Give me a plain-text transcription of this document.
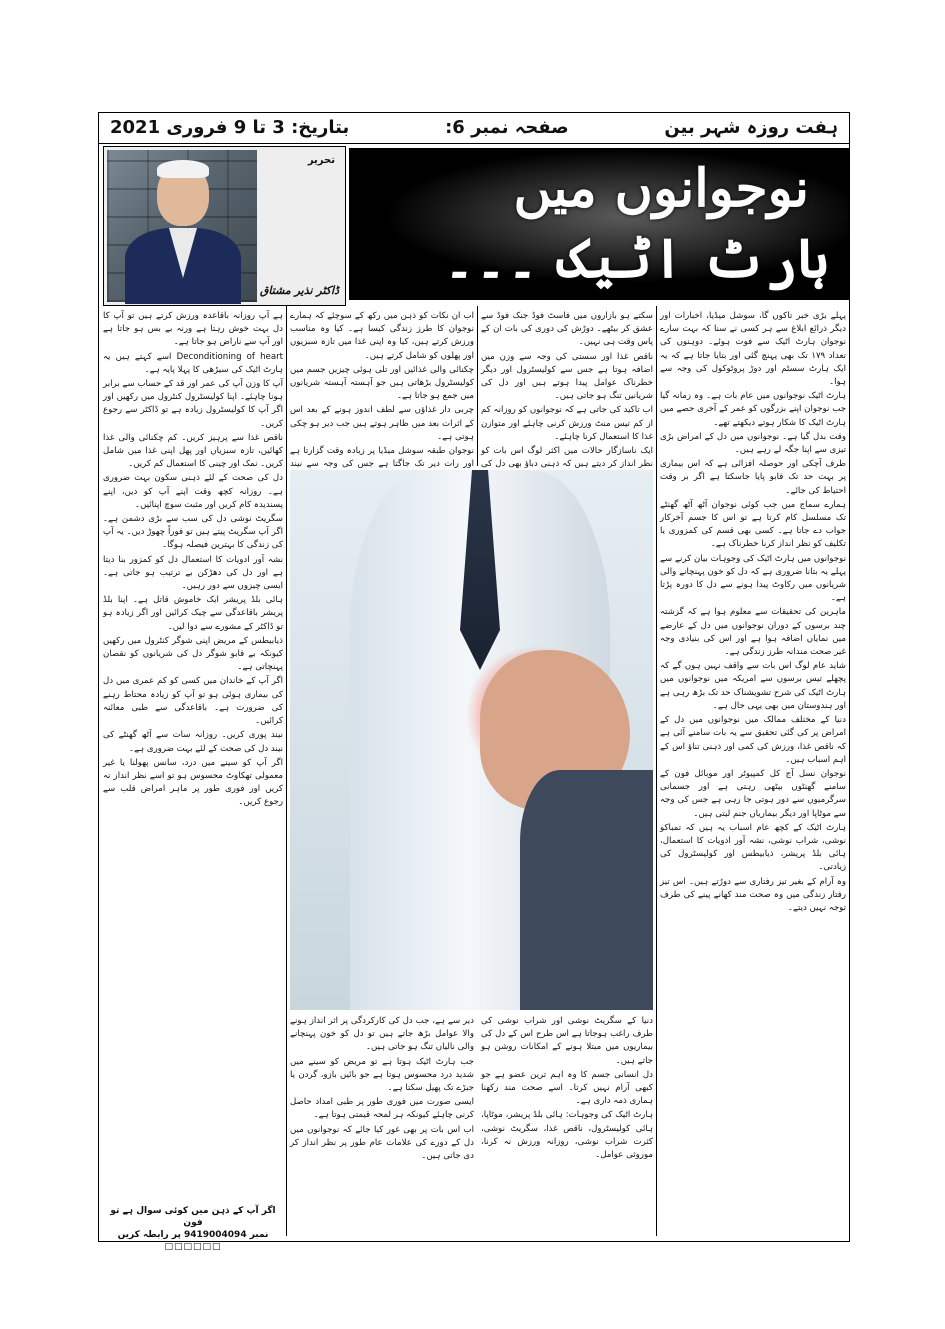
ہفت روزہ شہر بین
صفحہ نمبر 6:
بتاریخ: 3 تا 9 فروری 2021
نوجوانوں میں
ہارٹ اٹیک ۔۔۔
تحریر
ڈاکٹر نذیر مشتاق

پہلے بڑی خبر تاکوں گا، سوشل میڈیا، اخبارات اور دیگر ذرائع ابلاغ سے ہر کسی نے سنا کہ بہت سارے نوجوان ہارٹ اٹیک سے فوت ہوئے۔ دوہنوں کی تعداد ۱۷۹ تک بھی پہنچ گئی اور بتایا جاتا ہے کہ یہ ایک ہارٹ سسٹم اور دوڑ پروٹوکول کی وجہ سے ہوا۔

ہارٹ اٹیک نوجوانوں میں عام بات ہے۔ وہ زمانہ گیا جب نوجوان اپنے بزرگوں کو عمر کے آخری حصے میں ہارٹ اٹیک کا شکار ہوتے دیکھتے تھے۔

وقت بدل گیا ہے۔ نوجوانوں میں دل کے امراض بڑی تیزی سے اپنا جگہ لے رہے ہیں۔

طرف آچکی اور حوصلہ افزائی ہے کہ اس بیماری پر بہت حد تک قابو پایا جاسکتا ہے اگر بر وقت احتیاط کی جائے۔

ہمارے سماج میں جب کوئی نوجوان آٹھ آٹھ گھنٹے تک مسلسل کام کرتا ہے تو اس کا جسم آخرکار جواب دے جاتا ہے۔ کسی بھی قسم کی کمزوری یا تکلیف کو نظر انداز کرنا خطرناک ہے۔

نوجوانوں میں ہارٹ اٹیک کی وجوہات بیان کرنے سے پہلے یہ بتانا ضروری ہے کہ دل کو خون پہنچانے والی شریانوں میں رکاوٹ پیدا ہونے سے دل کا دورہ پڑتا ہے۔

ماہرین کی تحقیقات سے معلوم ہوا ہے کہ گزشتہ چند برسوں کے دوران نوجوانوں میں دل کے عارضے میں نمایاں اضافہ ہوا ہے اور اس کی بنیادی وجہ غیر صحت مندانہ طرز زندگی ہے۔

شاید عام لوگ اس بات سے واقف نہیں ہوں گے کہ پچھلے تیس برسوں سے امریکہ میں نوجوانوں میں ہارٹ اٹیک کی شرح تشویشناک حد تک بڑھ رہی ہے اور ہندوستان میں بھی یہی حال ہے۔

دنیا کے مختلف ممالک میں نوجوانوں میں دل کے امراض پر کی گئی تحقیق سے یہ بات سامنے آئی ہے کہ ناقص غذا، ورزش کی کمی اور ذہنی تناؤ اس کے اہم اسباب ہیں۔

نوجوان نسل آج کل کمپیوٹر اور موبائل فون کے سامنے گھنٹوں بیٹھی رہتی ہے اور جسمانی سرگرمیوں سے دور ہوتی جا رہی ہے جس کی وجہ سے موٹاپا اور دیگر بیماریاں جنم لیتی ہیں۔

ہارٹ اٹیک کے کچھ عام اسباب یہ ہیں کہ تمباکو نوشی، شراب نوشی، نشہ آور ادویات کا استعمال، ہائی بلڈ پریشر، ذیابیطس اور کولیسٹرول کی زیادتی۔

وہ آرام کے بغیر تیز رفتاری سے دوڑتے ہیں۔ اس تیز رفتار زندگی میں وہ صحت مند کھانے پینے کی طرف توجہ نہیں دیتے۔

سکتے ہو بازاروں میں فاسٹ فوڈ جنک فوڈ سے عشق کر بیٹھے۔ دوڑش کی دوری کی بات ان کے پاس وقت ہی نہیں۔

ناقص غذا اور سستی کی وجہ سے وزن میں اضافہ ہوتا ہے جس سے کولیسٹرول اور دیگر خطرناک عوامل پیدا ہوتے ہیں اور دل کی شریانیں تنگ ہو جاتی ہیں۔

اب تاکید کی جاتی ہے کہ نوجوانوں کو روزانہ کم از کم تیس منٹ ورزش کرنی چاہئے اور متوازن غذا کا استعمال کرنا چاہئے۔

ایک ناسازگار حالات میں اکثر لوگ اس بات کو نظر انداز کر دیتے ہیں کہ ذہنی دباؤ بھی دل کی

اب ان نکات کو ذہن میں رکھ کے سوچئے کہ ہمارے نوجوان کا طرز زندگی کیسا ہے۔ کیا وہ مناسب ورزش کرتے ہیں، کیا وہ اپنی غذا میں تازہ سبزیوں اور پھلوں کو شامل کرتے ہیں۔

چکنائی والی غذائیں اور تلی ہوئی چیزیں جسم میں کولیسٹرول بڑھاتی ہیں جو آہستہ آہستہ شریانوں میں جمع ہو جاتا ہے۔

چربی دار غذاؤں سے لطف اندوز ہونے کے بعد اس کے اثرات بعد میں ظاہر ہوتے ہیں جب دیر ہو چکی ہوتی ہے۔

نوجوان طبقہ سوشل میڈیا پر زیادہ وقت گزارتا ہے اور رات دیر تک جاگتا ہے جس کی وجہ سے نیند

دنیا کے سگریٹ نوشی اور شراب نوشی کی طرف راغب ہوجاتا ہے اس طرح اس کے دل کی بیماریوں میں مبتلا ہونے کے امکانات روشن ہو جاتے ہیں۔

دل انسانی جسم کا وہ اہم ترین عضو ہے جو کبھی آرام نہیں کرتا۔ اسے صحت مند رکھنا ہماری ذمہ داری ہے۔

ہارٹ اٹیک کی وجوہات: ہائی بلڈ پریشر، موٹاپا، ہائی کولیسٹرول، ناقص غذا، سگریٹ نوشی، کثرت شراب نوشی، روزانہ ورزش نہ کرنا، موروثی عوامل۔

دیر سے ہے، جب دل کی کارکردگی پر اثر انداز ہونے والا عوامل بڑھ جاتے ہیں تو دل کو خون پہنچانے والی نالیاں تنگ ہو جاتی ہیں۔

جب ہارٹ اٹیک ہوتا ہے تو مریض کو سینے میں شدید درد محسوس ہوتا ہے جو بائیں بازو، گردن یا جبڑے تک پھیل سکتا ہے۔

ایسی صورت میں فوری طور پر طبی امداد حاصل کرنی چاہئے کیونکہ ہر لمحہ قیمتی ہوتا ہے۔

اب اس بات پر بھی غور کیا جائے کہ نوجوانوں میں دل کے دورے کی علامات عام طور پر نظر انداز کر دی جاتی ہیں۔

ہے آپ روزانہ باقاعدہ ورزش کرتے ہیں تو آپ کا دل بہت خوش رہتا ہے ورنہ بے بس ہو جاتا ہے اور آپ سے ناراض ہو جاتا ہے۔

Deconditioning of heart اسے کہتے ہیں یہ ہارٹ اٹیک کی سیڑھی کا پہلا پایہ ہے۔

آپ کا وزن آپ کی عمر اور قد کے حساب سے برابر ہونا چاہئے۔ اپنا کولیسٹرول کنٹرول میں رکھیں اور اگر آپ کا کولیسٹرول زیادہ ہے تو ڈاکٹر سے رجوع کریں۔

ناقص غذا سے پرہیز کریں۔ کم چکنائی والی غذا کھائیں، تازہ سبزیاں اور پھل اپنی غذا میں شامل کریں۔ نمک اور چینی کا استعمال کم کریں۔

دل کی صحت کے لئے ذہنی سکون بہت ضروری ہے۔ روزانہ کچھ وقت اپنے آپ کو دیں، اپنے پسندیدہ کام کریں اور مثبت سوچ اپنائیں۔

سگریٹ نوشی دل کی سب سے بڑی دشمن ہے۔ اگر آپ سگریٹ پیتے ہیں تو فوراً چھوڑ دیں۔ یہ آپ کی زندگی کا بہترین فیصلہ ہوگا۔

نشہ آور ادویات کا استعمال دل کو کمزور بنا دیتا ہے اور دل کی دھڑکن بے ترتیب ہو جاتی ہے۔ ایسی چیزوں سے دور رہیں۔

ہائی بلڈ پریشر ایک خاموش قاتل ہے۔ اپنا بلڈ پریشر باقاعدگی سے چیک کرائیں اور اگر زیادہ ہو تو ڈاکٹر کے مشورے سے دوا لیں۔

ذیابیطس کے مریض اپنی شوگر کنٹرول میں رکھیں کیونکہ بے قابو شوگر دل کی شریانوں کو نقصان پہنچاتی ہے۔

اگر آپ کے خاندان میں کسی کو کم عمری میں دل کی بیماری ہوئی ہو تو آپ کو زیادہ محتاط رہنے کی ضرورت ہے۔ باقاعدگی سے طبی معائنہ کرائیں۔

نیند پوری کریں۔ روزانہ سات سے آٹھ گھنٹے کی نیند دل کی صحت کے لئے بہت ضروری ہے۔

اگر آپ کو سینے میں درد، سانس پھولنا یا غیر معمولی تھکاوٹ محسوس ہو تو اسے نظر انداز نہ کریں اور فوری طور پر ماہر امراض قلب سے رجوع کریں۔

اگر آپ کے ذہن میں کوئی سوال ہے تو فون
نمبر 9419004094 پر رابطہ کریں
□□□□□□
